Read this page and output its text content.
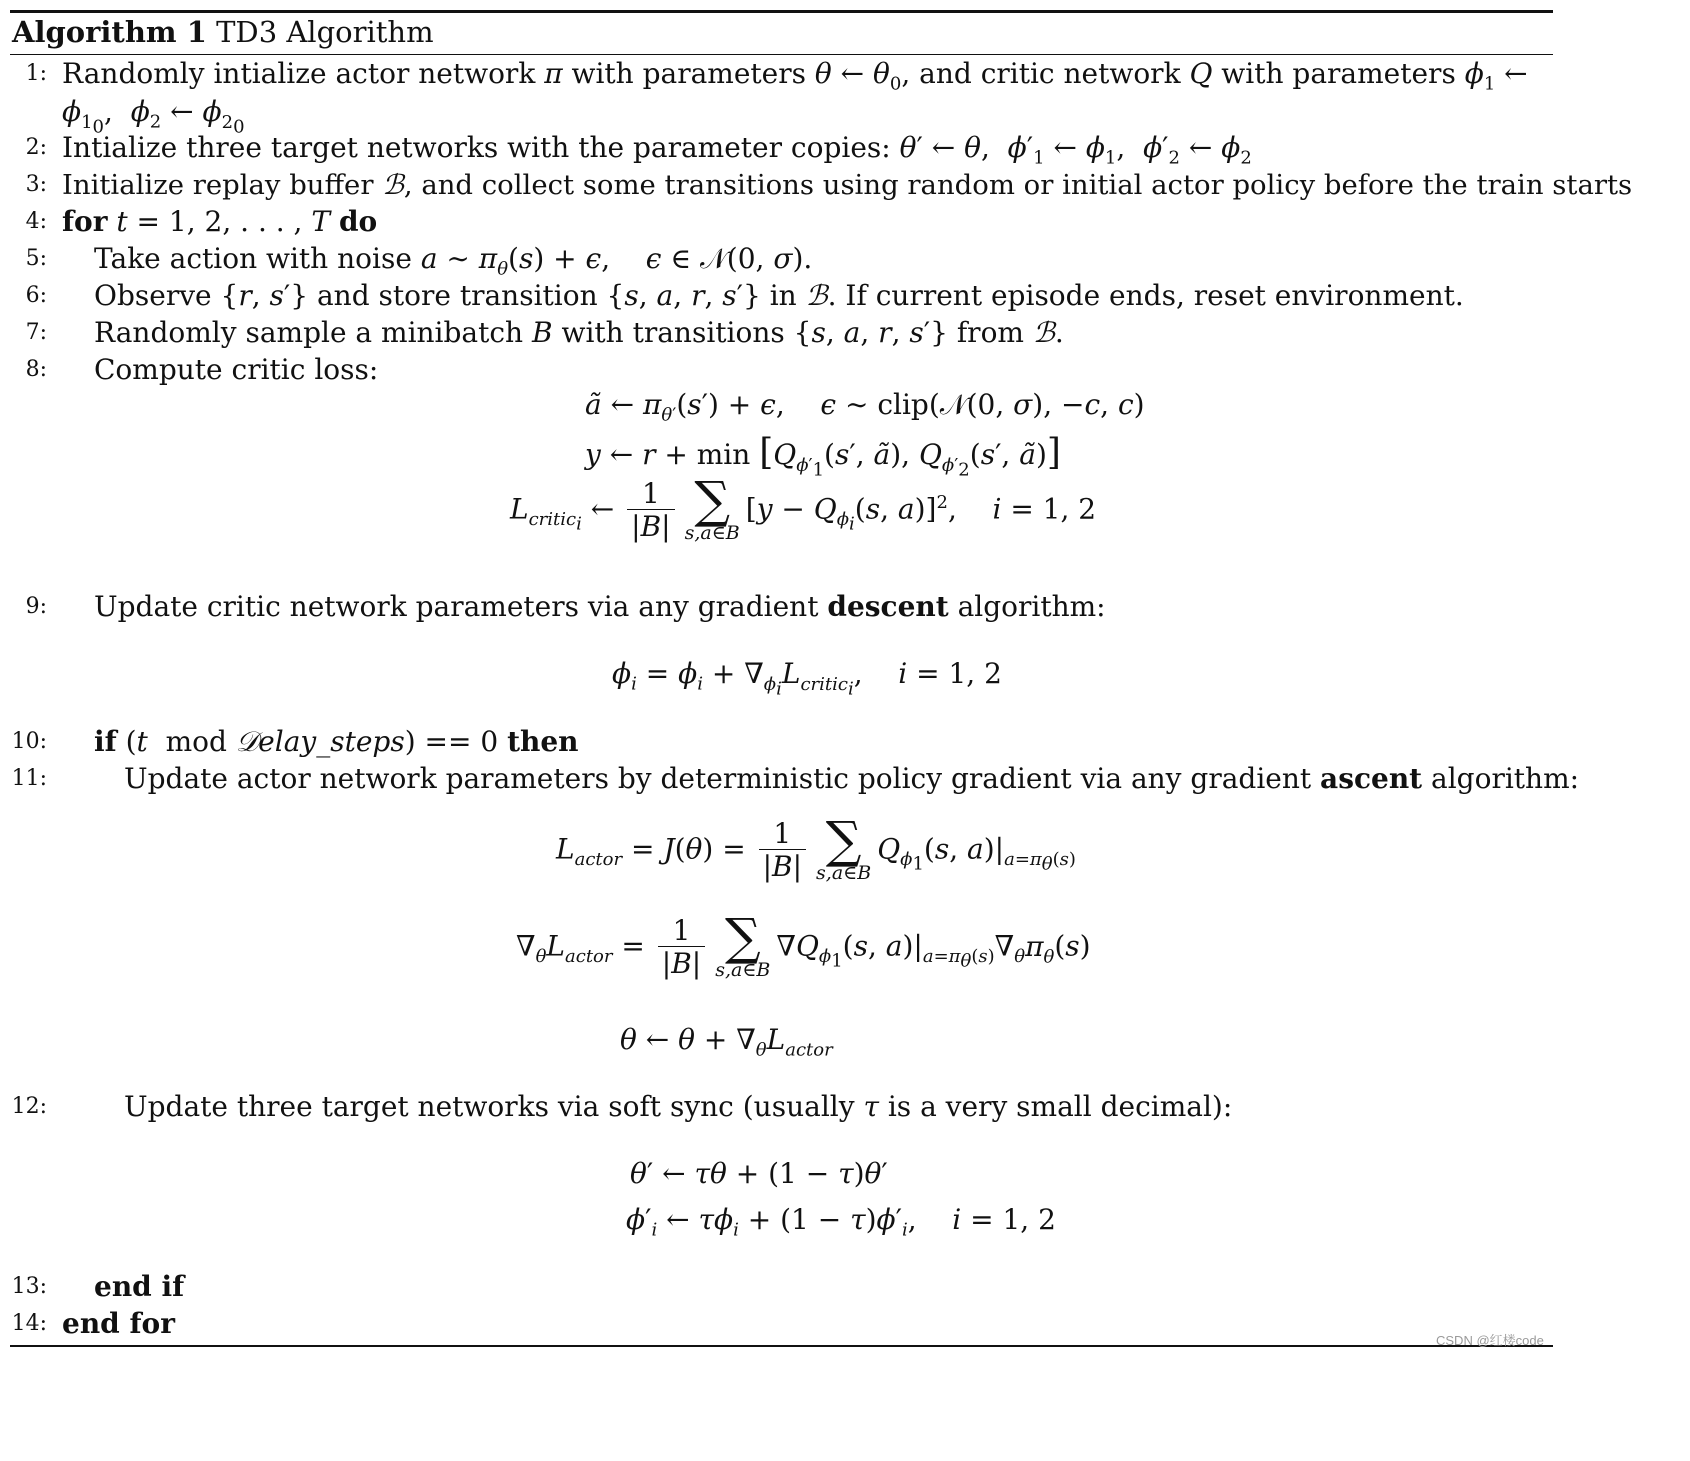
Algorithm 1 TD3 Algorithm
1: Randomly intialize actor network π with parameters θ ← $\theta_0$, and critic network Q with parameters $\phi_1$ ←
$\phi_{1_0}$,  $\phi_2$ ← $\phi_{2_0}$
2: Intialize three target networks with the parameter copies: θ′ ← θ,  $\phi'_1$ ← $\phi_1$,  $\phi'_2$ ← $\phi_2$
3: Initialize replay buffer ℬ, and collect some transitions using random or initial actor policy before the train starts
4: for t = 1, 2, . . . , T do
5: Take action with noise a ∼ $\pi_\theta(s) + \epsilon$,    ϵ ∈ 𝒩(0, σ).
6: Observe {r, s′} and store transition {s, a, r, s′} in ℬ. If current episode ends, reset environment.
7: Randomly sample a minibatch B with transitions {s, a, r, s′} from ℬ.
8: Compute critic loss:
ã ← $\pi_{\theta'}(s') + \epsilon$,    ϵ ∼ clip(𝒩(0, σ), −c, c)
y ← $r + \min [Q_{\phi'_1}(s'$, ã), $Q_{\phi'_2}(s'$, ã)]
$L_{critic_i}$ ← $\frac{1}{|B|}$ ∑
s,a∈B
[$y - Q_{\phi_i}(s$, a)]$^2$,    i = 1, 2
9: Update critic network parameters via any gradient descent algorithm:
$\phi_i = \phi_i + \nabla_{\phi_i}L_{critic_i}$,    i = 1, 2
10: if (t  mod 𝒟elay_steps) == 0 then
11:	Update actor network parameters by deterministic policy gradient via any gradient ascent algorithm:
$L_{actor} = J(\theta) = \frac{1}{|B|}$ ∑
s,a∈B
$Q_{\phi_1}(s$, $a)|_{a=\pi_\theta(s)}$
$\nabla_\theta L_{actor} = \frac{1}{|B|}$ ∑
s,a∈B
$\nabla Q_{\phi_1}(s$, $a)|_{a=\pi_\theta(s)}\nabla_\theta\pi_\theta(s)$
θ ← $\theta + \nabla_\theta L_{actor}$
12:	Update three target networks via soft sync (usually τ is a very small decimal):
θ′ ← τθ + (1 − τ)θ′
$\phi'_i$ ← $\tau\phi_i + (1 - \tau)\phi'_i$,    i = 1, 2
13: end if
14: end for
CSDN @红楼code
